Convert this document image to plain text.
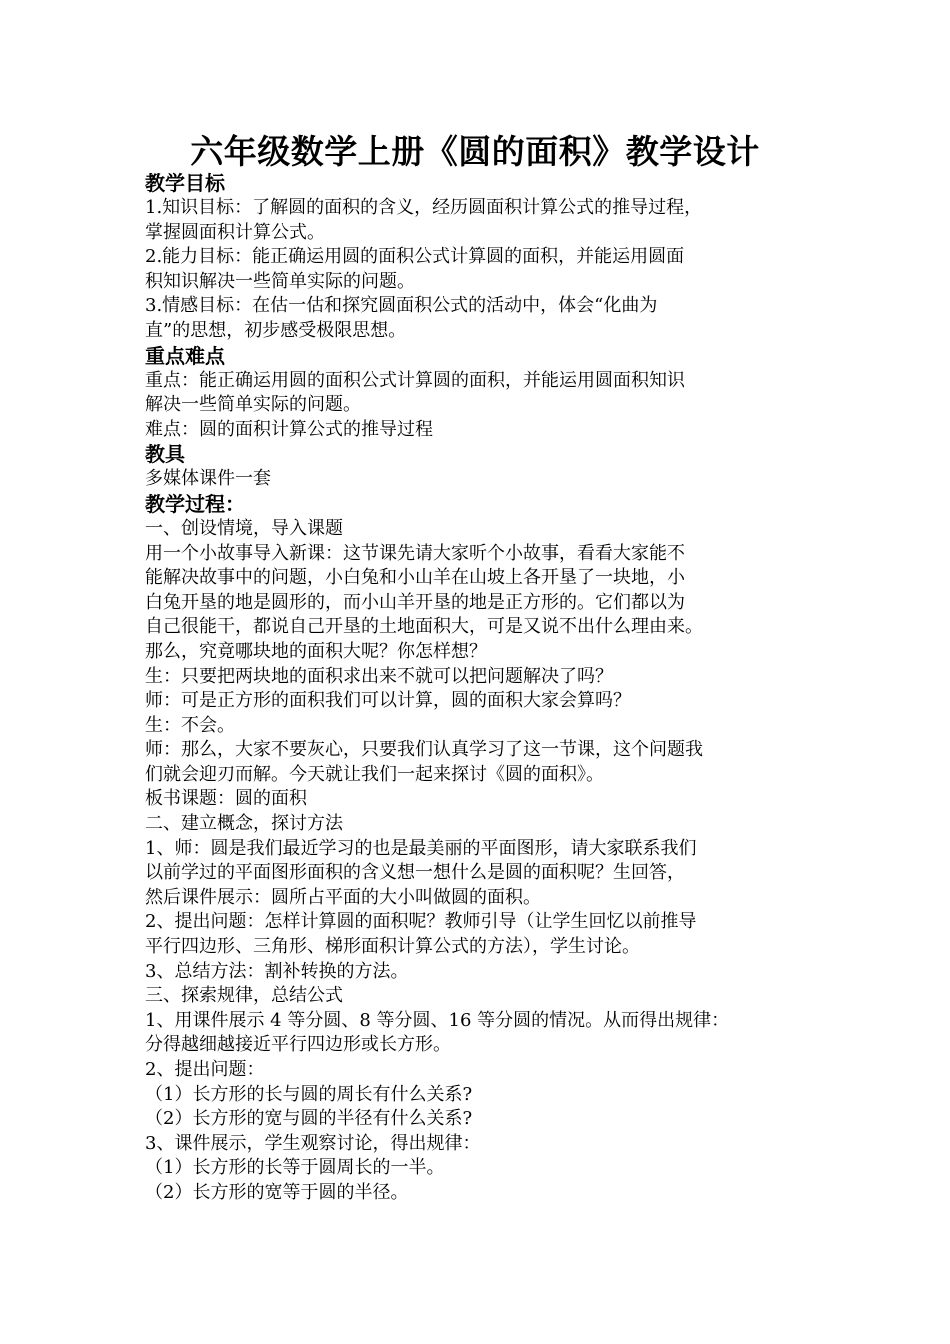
六年级数学上册《圆的面积》教学设计
教学目标
1.知识目标：了解圆的面积的含义，经历圆面积计算公式的推导过程，
掌握圆面积计算公式。
2.能力目标：能正确运用圆的面积公式计算圆的面积，并能运用圆面
积知识解决一些简单实际的问题。
3.情感目标：在估一估和探究圆面积公式的活动中，体会“化曲为
直”的思想，初步感受极限思想。
重点难点
重点：能正确运用圆的面积公式计算圆的面积，并能运用圆面积知识
解决一些简单实际的问题。
难点：圆的面积计算公式的推导过程
教具
多媒体课件一套
教学过程：
一、创设情境，导入课题
用一个小故事导入新课：这节课先请大家听个小故事，看看大家能不
能解决故事中的问题，小白兔和小山羊在山坡上各开垦了一块地，小
白兔开垦的地是圆形的，而小山羊开垦的地是正方形的。它们都以为
自己很能干，都说自己开垦的土地面积大，可是又说不出什么理由来。
那么，究竟哪块地的面积大呢？你怎样想？
生：只要把两块地的面积求出来不就可以把问题解决了吗？
师：可是正方形的面积我们可以计算，圆的面积大家会算吗？
生：不会。
师：那么，大家不要灰心，只要我们认真学习了这一节课，这个问题我
们就会迎刃而解。今天就让我们一起来探讨《圆的面积》。
板书课题：圆的面积
二、建立概念，探讨方法
1、师：圆是我们最近学习的也是最美丽的平面图形，请大家联系我们
以前学过的平面图形面积的含义想一想什么是圆的面积呢？生回答，
然后课件展示：圆所占平面的大小叫做圆的面积。
2、提出问题：怎样计算圆的面积呢？教师引导（让学生回忆以前推导
平行四边形、三角形、梯形面积计算公式的方法），学生讨论。
3、总结方法：割补转换的方法。
三、探索规律，总结公式
1、用课件展示 4 等分圆、8 等分圆、16 等分圆的情况。从而得出规律：
分得越细越接近平行四边形或长方形。
2、提出问题：
（1）长方形的长与圆的周长有什么关系?
（2）长方形的宽与圆的半径有什么关系?
3、课件展示，学生观察讨论，得出规律：
（1）长方形的长等于圆周长的一半。
（2）长方形的宽等于圆的半径。
